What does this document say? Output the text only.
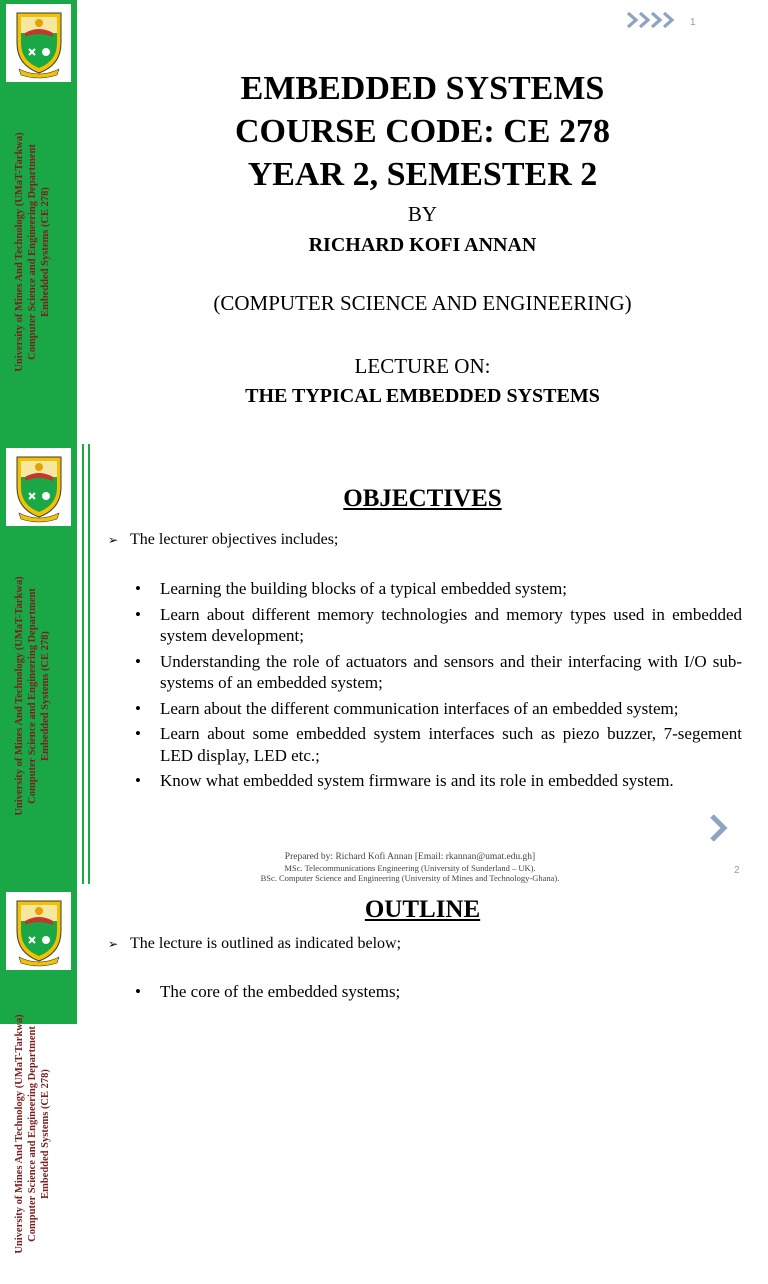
University of Mines And Technology (UMaT-Tarkwa) Computer Science and Engineering Department Embedded Systems (CE 278)
1
EMBEDDED SYSTEMS
COURSE CODE: CE 278
YEAR 2, SEMESTER 2
BY
RICHARD KOFI ANNAN
(COMPUTER SCIENCE AND ENGINEERING)
LECTURE ON:
THE TYPICAL EMBEDDED SYSTEMS
University of Mines And Technology (UMaT-Tarkwa) Computer Science and Engineering Department Embedded Systems (CE 278)
OBJECTIVES
➢ The lecturer objectives includes;
• Learning the building blocks of a typical embedded system;
• Learn about different memory technologies and memory types used in embedded system development;
• Understanding the role of actuators and sensors and their interfacing with I/O sub-systems of an embedded system;
• Learn about the different communication interfaces of an embedded system;
• Learn about some embedded system interfaces such as piezo buzzer, 7-segement LED display, LED etc.;
• Know what embedded system firmware is and its role in embedded system.
Prepared by: Richard Kofi Annan [Email: rkannan@umat.edu.gh]
MSc. Telecommunications Engineering (University of Sunderland – UK).
BSc. Computer Science and Engineering (University of Mines and Technology-Ghana).
2
University of Mines And Technology (UMaT-Tarkwa) Computer Science and Engineering Department Embedded Systems (CE 278)
OUTLINE
➢ The lecture is outlined as indicated below;
• The core of the embedded systems;
